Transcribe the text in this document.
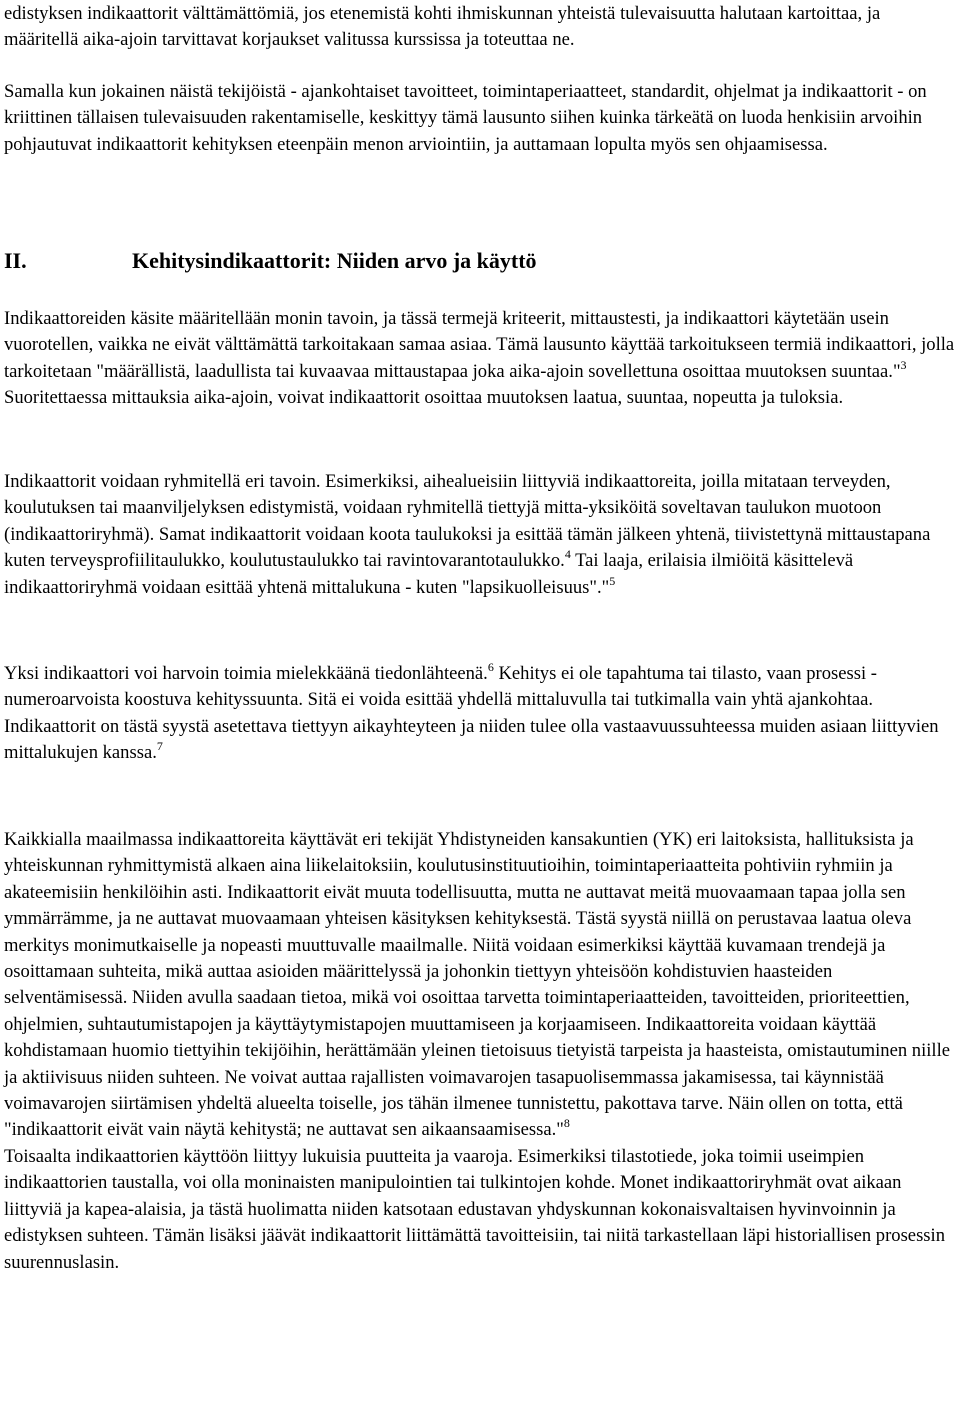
edistyksen indikaattorit välttämättömiä, jos etenemistä kohti ihmiskunnan yhteistä tulevaisuutta halutaan kartoittaa, ja määritellä aika-ajoin tarvittavat korjaukset valitussa kurssissa ja toteuttaa ne.

Samalla kun jokainen näistä tekijöistä - ajankohtaiset tavoitteet, toimintaperiaatteet, standardit, ohjelmat ja indikaattorit - on kriittinen tällaisen tulevaisuuden rakentamiselle, keskittyy tämä lausunto siihen kuinka tärkeätä on luoda henkisiin arvoihin pohjautuvat indikaattorit kehityksen eteenpäin menon arviointiin, ja auttamaan lopulta myös sen ohjaamisessa.

II.	Kehitysindikaattorit: Niiden arvo ja käyttö

Indikaattoreiden käsite määritellään monin tavoin, ja tässä termejä kriteerit, mittaustesti, ja indikaattori käytetään usein vuorotellen, vaikka ne eivät välttämättä tarkoitakaan samaa asiaa. Tämä lausunto käyttää tarkoitukseen termiä indikaattori, jolla tarkoitetaan "määrällistä, laadullista tai kuvaavaa mittaustapaa joka aika-ajoin sovellettuna osoittaa muutoksen suuntaa."$^3$ Suoritettaessa mittauksia aika-ajoin, voivat indikaattorit osoittaa muutoksen laatua, suuntaa, nopeutta ja tuloksia.

Indikaattorit voidaan ryhmitellä eri tavoin. Esimerkiksi, aihealueisiin liittyviä indikaattoreita, joilla mitataan terveyden, koulutuksen tai maanviljelyksen edistymistä, voidaan ryhmitellä tiettyjä mitta-yksiköitä soveltavan taulukon muotoon (indikaattoriryhmä). Samat indikaattorit voidaan koota taulukoksi ja esittää tämän jälkeen yhtenä, tiivistettynä mittaustapana kuten terveysprofiilitaulukko, koulutustaulukko tai ravintovarantotaulukko.$^4$ Tai laaja, erilaisia ilmiöitä käsittelevä indikaattoriryhmä voidaan esittää yhtenä mittalukuna - kuten "lapsikuolleisuus"."$^5$

Yksi indikaattori voi harvoin toimia mielekkäänä tiedonlähteenä.$^6$ Kehitys ei ole tapahtuma tai tilasto, vaan prosessi - numeroarvoista koostuva kehityssuunta. Sitä ei voida esittää yhdellä mittaluvulla tai tutkimalla vain yhtä ajankohtaa. Indikaattorit on tästä syystä asetettava tiettyyn aikayhteyteen ja niiden tulee olla vastaavuussuhteessa muiden asiaan liittyvien mittalukujen kanssa.$^7$

Kaikkialla maailmassa indikaattoreita käyttävät eri tekijät Yhdistyneiden kansakuntien (YK) eri laitoksista, hallituksista ja yhteiskunnan ryhmittymistä alkaen aina liikelaitoksiin, koulutusinstituutioihin, toimintaperiaatteita pohtiviin ryhmiin ja akateemisiin henkilöihin asti. Indikaattorit eivät muuta todellisuutta, mutta ne auttavat meitä muovaamaan tapaa jolla sen ymmärrämme, ja ne auttavat muovaamaan yhteisen käsityksen kehityksestä. Tästä syystä niillä on perustavaa laatua oleva merkitys monimutkaiselle ja nopeasti muuttuvalle maailmalle. Niitä voidaan esimerkiksi käyttää kuvamaan trendejä ja osoittamaan suhteita, mikä auttaa asioiden määrittelyssä ja johonkin tiettyyn yhteisöön kohdistuvien haasteiden selventämisessä. Niiden avulla saadaan tietoa, mikä voi osoittaa tarvetta toimintaperiaatteiden, tavoitteiden, prioriteettien, ohjelmien, suhtautumistapojen ja käyttäytymistapojen muuttamiseen ja korjaamiseen. Indikaattoreita voidaan käyttää kohdistamaan huomio tiettyihin tekijöihin, herättämään yleinen tietoisuus tietyistä tarpeista ja haasteista, omistautuminen niille ja aktiivisuus niiden suhteen. Ne voivat auttaa rajallisten voimavarojen tasapuolisemmassa jakamisessa, tai käynnistää voimavarojen siirtämisen yhdeltä alueelta toiselle, jos tähän ilmenee tunnistettu, pakottava tarve. Näin ollen on totta, että "indikaattorit eivät vain näytä kehitystä; ne auttavat sen aikaansaamisessa."$^8$
Toisaalta indikaattorien käyttöön liittyy lukuisia puutteita ja vaaroja. Esimerkiksi tilastotiede, joka toimii useimpien indikaattorien taustalla, voi olla moninaisten manipulointien tai tulkintojen kohde. Monet indikaattoriryhmät ovat aikaan liittyviä ja kapea-alaisia, ja tästä huolimatta niiden katsotaan edustavan yhdyskunnan kokonaisvaltaisen hyvinvoinnin ja edistyksen suhteen. Tämän lisäksi jäävät indikaattorit liittämättä tavoitteisiin, tai niitä tarkastellaan läpi historiallisen prosessin suurennuslasin.
